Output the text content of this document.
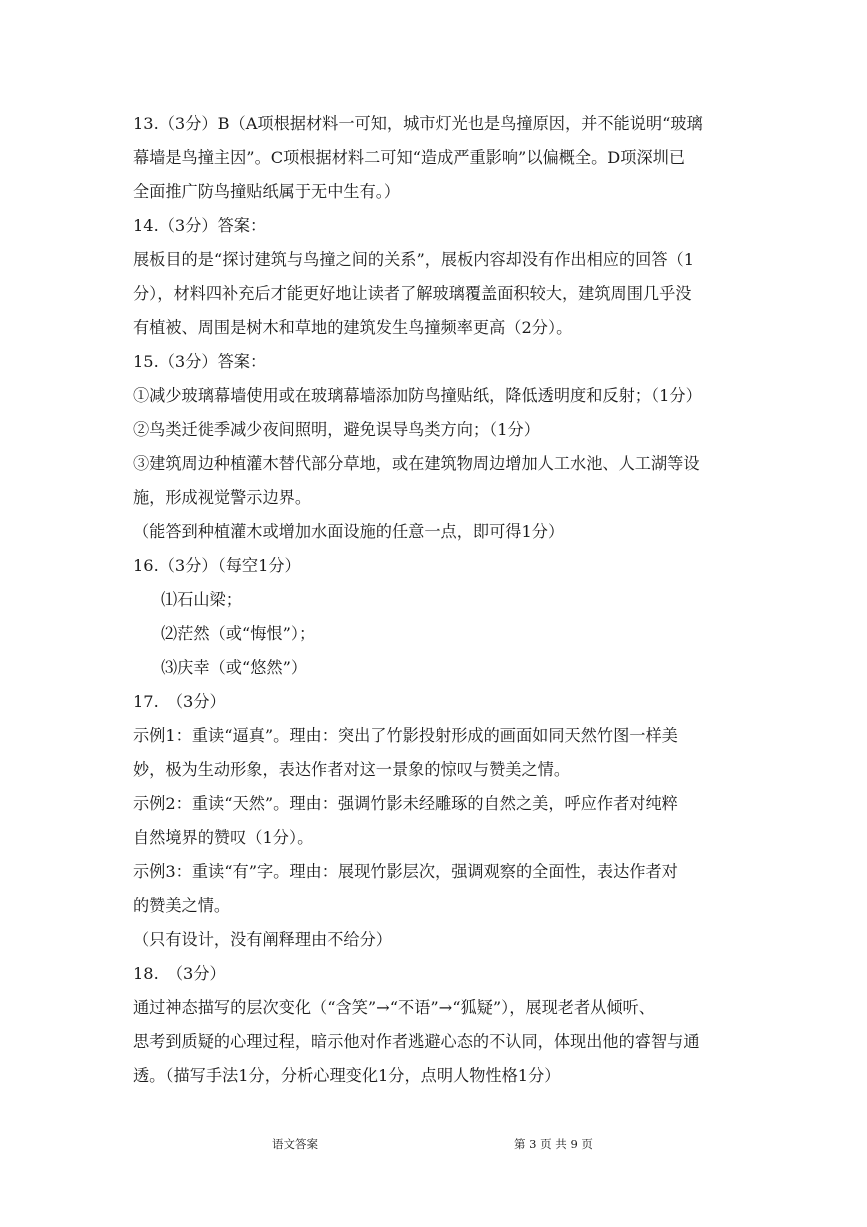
13.（3分）B（A项根据材料一可知，城市灯光也是鸟撞原因，并不能说明“玻璃
幕墙是鸟撞主因”。C项根据材料二可知“造成严重影响”以偏概全。D项深圳已
全面推广防鸟撞贴纸属于无中生有。）
14.（3分）答案：
展板目的是“探讨建筑与鸟撞之间的关系”，展板内容却没有作出相应的回答（1
分），材料四补充后才能更好地让读者了解玻璃覆盖面积较大，建筑周围几乎没
有植被、周围是树木和草地的建筑发生鸟撞频率更高（2分）。
15.（3分）答案：
①减少玻璃幕墙使用或在玻璃幕墙添加防鸟撞贴纸，降低透明度和反射；（1分）
②鸟类迁徙季减少夜间照明，避免误导鸟类方向；（1分）
③建筑周边种植灌木替代部分草地，或在建筑物周边增加人工水池、人工湖等设
施，形成视觉警示边界。
（能答到种植灌木或增加水面设施的任意一点，即可得1分）
16.（3分）（每空1分）
⑴石山梁；
⑵茫然（或“悔恨”）；
⑶庆幸（或“悠然”）
17.　（3分）
示例1：重读“逼真”。理由：突出了竹影投射形成的画面如同天然竹图一样美
妙，极为生动形象，表达作者对这一景象的惊叹与赞美之情。
示例2：重读“天然”。理由：强调竹影未经雕琢的自然之美，呼应作者对纯粹
自然境界的赞叹（1分）。
示例3：重读“有”字。理由：展现竹影层次，强调观察的全面性，表达作者对
的赞美之情。
（只有设计，没有阐释理由不给分）
18.　（3分）
通过神态描写的层次变化（“含笑”→“不语”→“狐疑”），展现老者从倾听、
思考到质疑的心理过程，暗示他对作者逃避心态的不认同，体现出他的睿智与通
透。（描写手法1分，分析心理变化1分，点明人物性格1分）
语文答案	第 3 页 共 9 页
